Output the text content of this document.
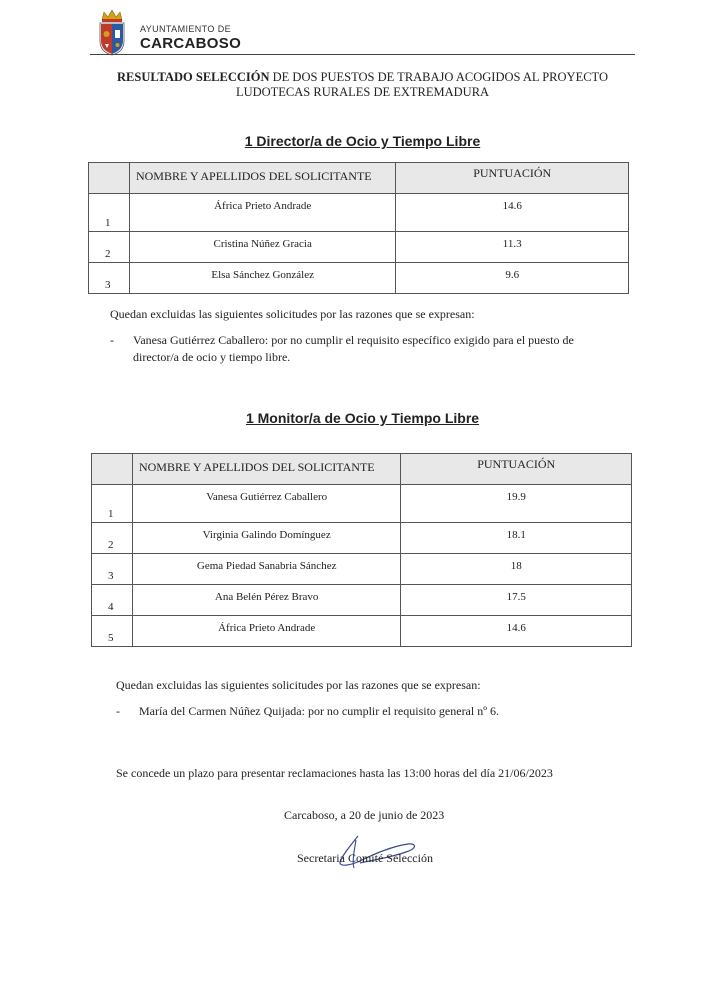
AYUNTAMIENTO DE
CARCABOSO
RESULTADO SELECCIÓN DE DOS PUESTOS DE TRABAJO ACOGIDOS AL PROYECTO
LUDOTECAS RURALES DE EXTREMADURA
1 Director/a de Ocio y Tiempo Libre
	NOMBRE Y APELLIDOS DEL SOLICITANTE	PUNTUACIÓN
1	África Prieto Andrade	14.6
2	Cristina Núñez Gracia	11.3
3	Elsa Sánchez González	9.6
Quedan excluidas las siguientes solicitudes por las razones que se expresan:
-	Vanesa Gutiérrez Caballero: por no cumplir el requisito específico exigido para el puesto de
director/a de ocio y tiempo libre.
1 Monitor/a de Ocio y Tiempo Libre
	NOMBRE Y APELLIDOS DEL SOLICITANTE	PUNTUACIÓN
1	Vanesa Gutiérrez Caballero	19.9
2	Virginia Galindo Domínguez	18.1
3	Gema Piedad Sanabria Sánchez	18
4	Ana Belén Pérez Bravo	17.5
5	África Prieto Andrade	14.6
Quedan excluidas las siguientes solicitudes por las razones que se expresan:
-	María del Carmen Núñez Quijada: por no cumplir el requisito general nº 6.
Se concede un plazo para presentar reclamaciones hasta las 13:00 horas del día 21/06/2023
Carcaboso, a 20 de junio de 2023
Secretaria Comité Selección
